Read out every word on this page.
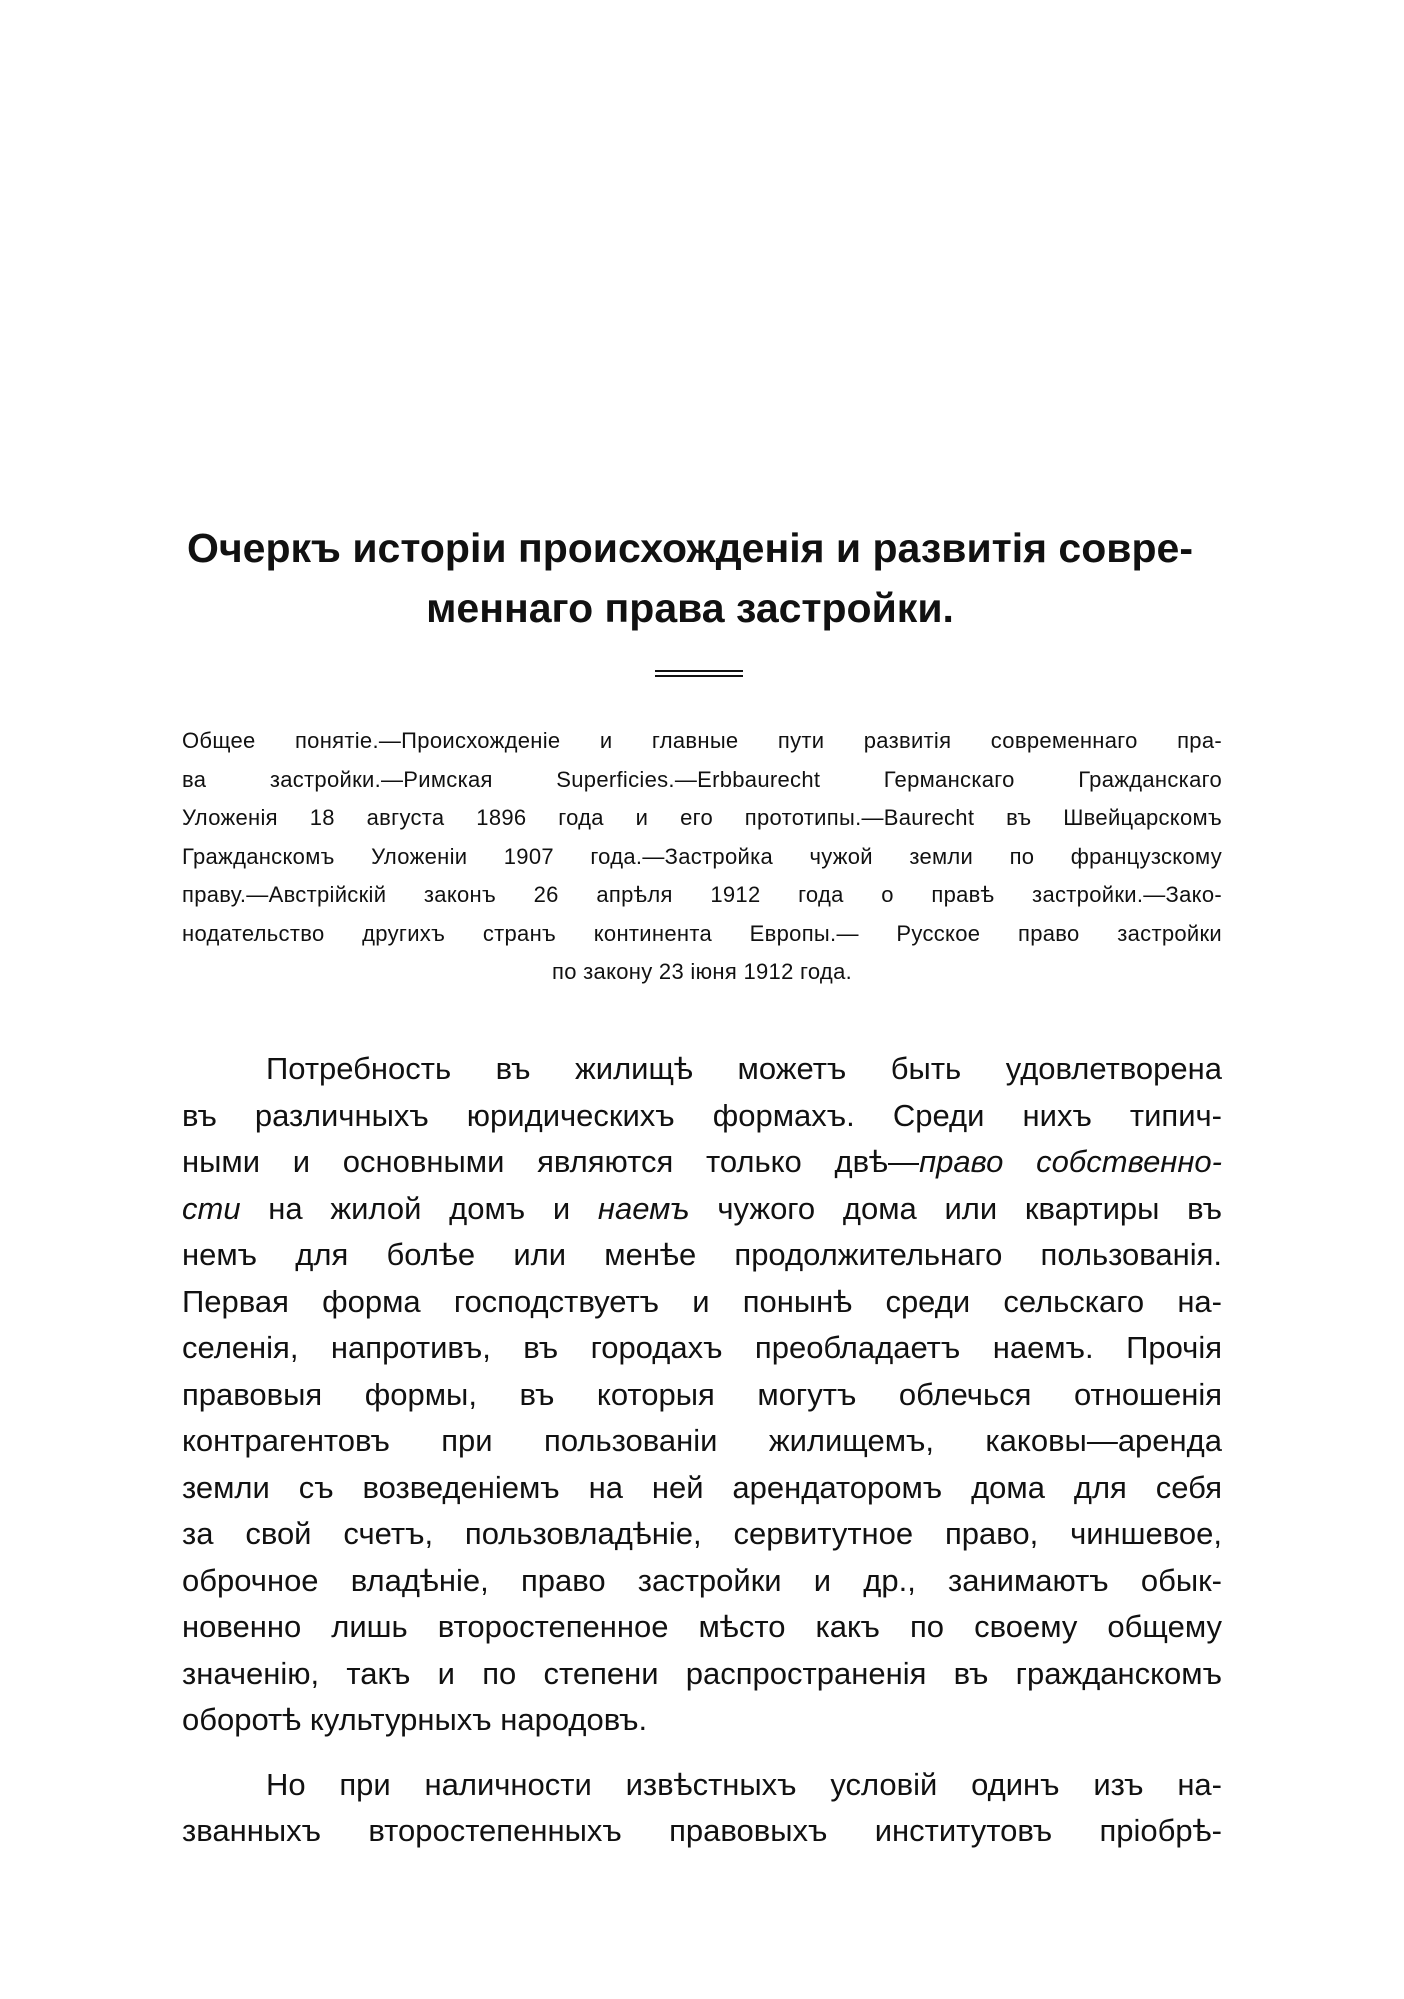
Очеркъ исторіи происхожденія и развитія совре-
меннаго права застройки.
Общее понятіе.—Происхожденіе и главные пути развитія современнаго пра-
ва застройки.—Римская Superficies.—Erbbaurecht Германскаго Гражданскаго
Уложенія 18 августа 1896 года и его прототипы.—Baurecht въ Швейцарскомъ
Гражданскомъ Уложеніи 1907 года.—Застройка чужой земли по французскому
праву.—Австрійскій законъ 26 апрѣля 1912 года о правѣ застройки.—Зако-
нодательство другихъ странъ континента Европы.— Русское право застройки
по закону 23 іюня 1912 года.
Потребность въ жилищѣ можетъ быть удовлетворена
въ различныхъ юридическихъ формахъ. Среди нихъ типич-
ными и основными являются только двѣ—право собственно-
сти на жилой домъ и наемъ чужого дома или квартиры въ
немъ для болѣе или менѣе продолжительнаго пользованія.
Первая форма господствуетъ и понынѣ среди сельскаго на-
селенія, напротивъ, въ городахъ преобладаетъ наемъ. Прочія
правовыя формы, въ которыя могутъ облечься отношенія
контрагентовъ при пользованіи жилищемъ, каковы—аренда
земли съ возведеніемъ на ней арендаторомъ дома для себя
за свой счетъ, пользовладѣніе, сервитутное право, чиншевое,
оброчное владѣніе, право застройки и др., занимаютъ обык-
новенно лишь второстепенное мѣсто какъ по своему общему
значенію, такъ и по степени распространенія въ гражданскомъ
оборотѣ культурныхъ народовъ.
Но при наличности извѣстныхъ условій одинъ изъ на-
званныхъ второстепенныхъ правовыхъ институтовъ пріобрѣ-
